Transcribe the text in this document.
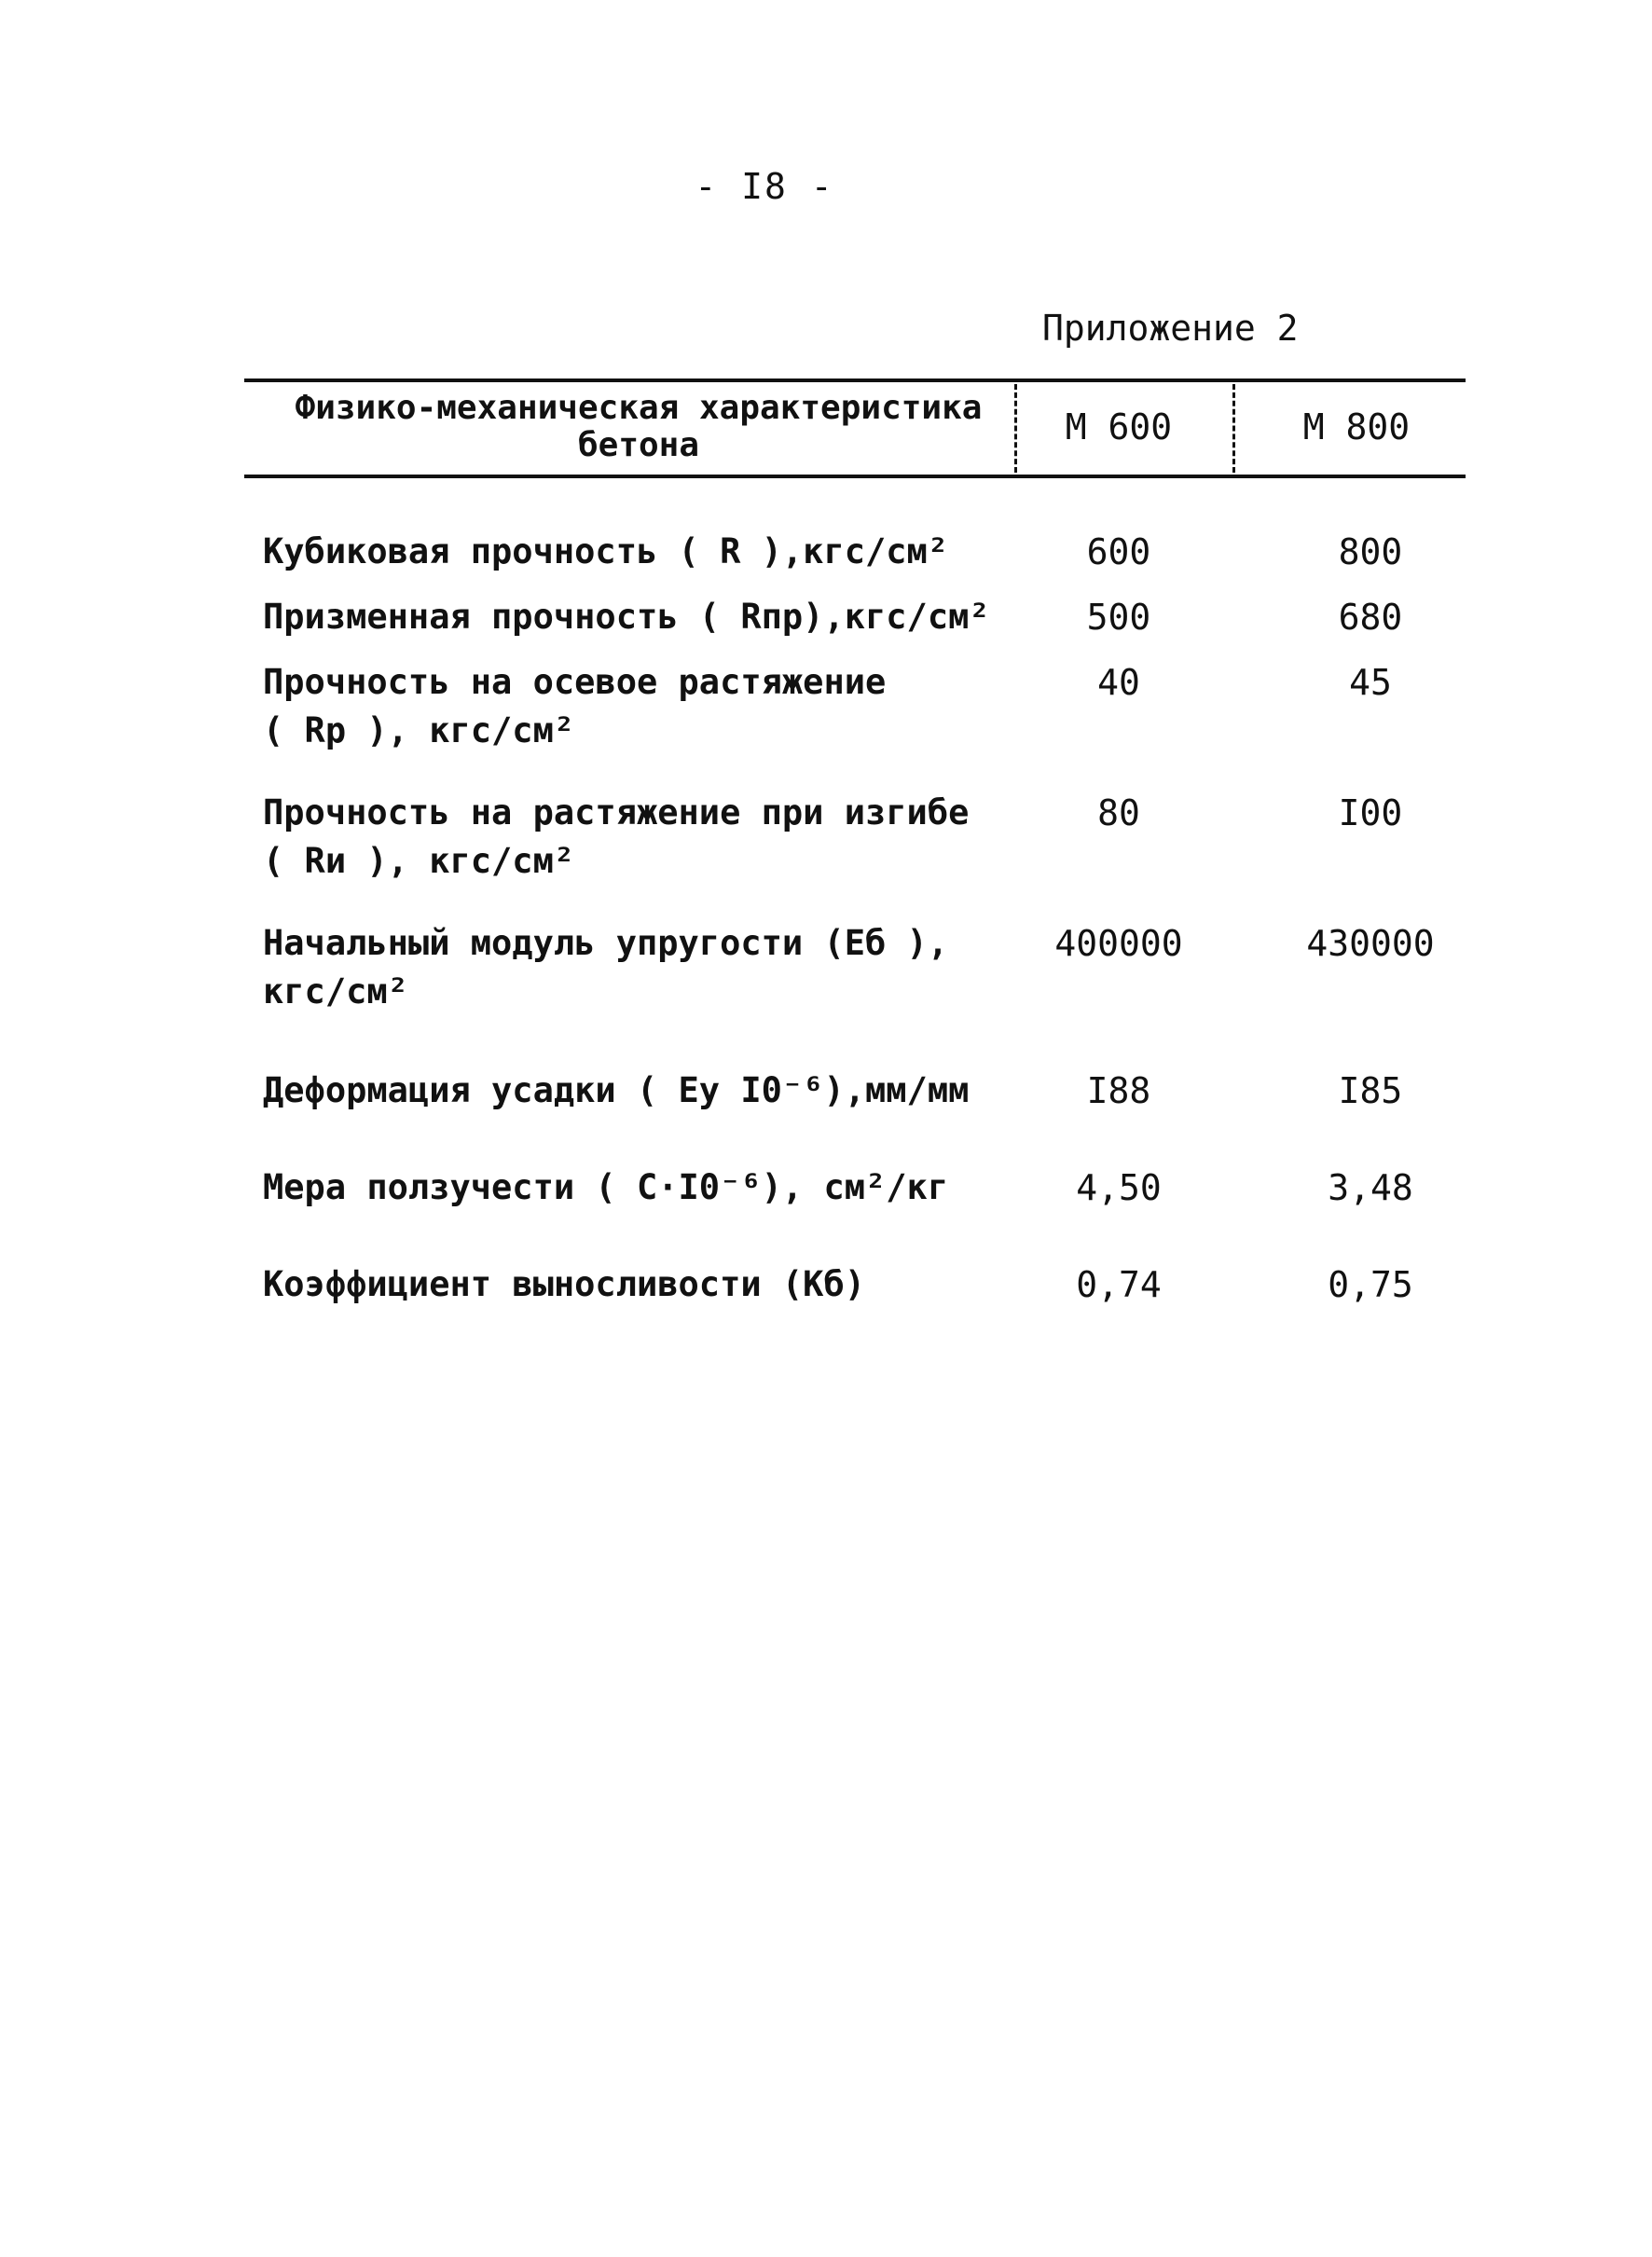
- I8 -
Приложение 2
Физико-механическая характеристика
бетона	М 600	М 800
Кубиковая прочность ( R ),кгс/см²	600	800
Призменная прочность ( Rпр),кгс/см²	500	680
Прочность на осевое растяжение
( Rр ), кгс/см²
40	45
Прочность на растяжение при изгибе
( Rи ), кгс/см²
80	I00
Начальный модуль упругости (Eб ),
кгс/см²
400000	430000
Деформация усадки ( Eу I0⁻⁶),мм/мм	I88	I85
Мера ползучести ( C·I0⁻⁶), см²/кг	4,50	3,48
Коэффициент выносливости (Kб)	0,74	0,75
